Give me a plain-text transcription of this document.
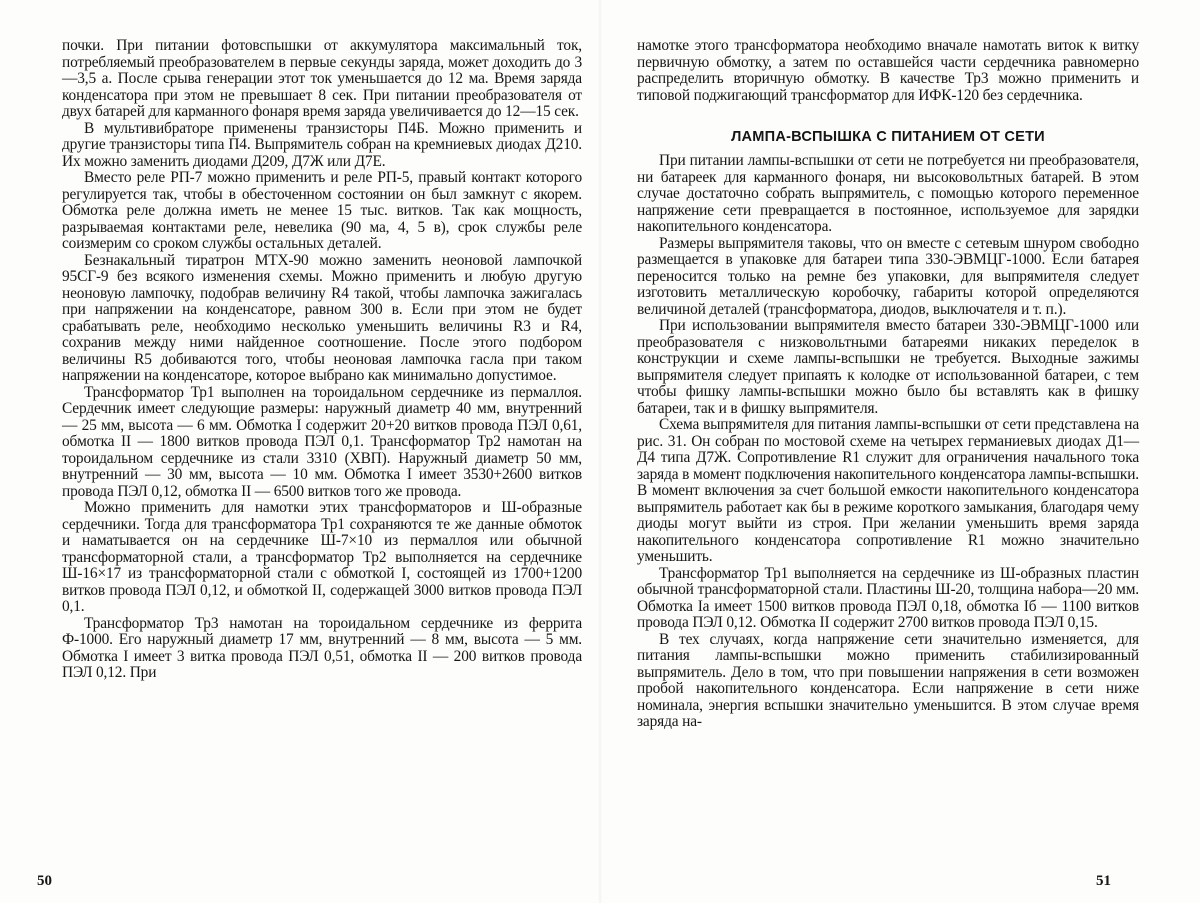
почки. При питании фотовспышки от аккумулятора максимальный ток, потребляемый преобразователем в первые секунды заряда, может доходить до 3—3,5 а. После срыва генерации этот ток уменьшается до 12 ма. Время заряда конденсатора при этом не превышает 8 сек. При питании преобразователя от двух батарей для карманного фонаря время заряда увеличивается до 12—15 сек.

В мультивибраторе применены транзисторы П4Б. Можно применить и другие транзисторы типа П4. Выпрямитель собран на кремниевых диодах Д210. Их можно заменить диодами Д209, Д7Ж или Д7Е.

Вместо реле РП-7 можно применить и реле РП-5, правый контакт которого регулируется так, чтобы в обесточенном состоянии он был замкнут с якорем. Обмотка реле должна иметь не менее 15 тыс. витков. Так как мощность, разрываемая контактами реле, невелика (90 ма, 4, 5 в), срок службы реле соизмерим со сроком службы остальных деталей.

Безнакальный тиратрон МТХ-90 можно заменить неоновой лампочкой 95СГ-9 без всякого изменения схемы. Можно применить и любую другую неоновую лампочку, подобрав величину R4 такой, чтобы лампочка зажигалась при напряжении на конденсаторе, равном 300 в. Если при этом не будет срабатывать реле, необходимо несколько уменьшить величины R3 и R4, сохранив между ними найденное соотношение. После этого подбором величины R5 добиваются того, чтобы неоновая лампочка гасла при таком напряжении на конденсаторе, которое выбрано как минимально допустимое.

Трансформатор Тр1 выполнен на тороидальном сердечнике из пермаллоя. Сердечник имеет следующие размеры: наружный диаметр 40 мм, внутренний — 25 мм, высота — 6 мм. Обмотка I содержит 20+20 витков провода ПЭЛ 0,61, обмотка II — 1800 витков провода ПЭЛ 0,1. Трансформатор Тр2 намотан на тороидальном сердечнике из стали 3310 (ХВП). Наружный диаметр 50 мм, внутренний — 30 мм, высота — 10 мм. Обмотка I имеет 3530+2600 витков провода ПЭЛ 0,12, обмотка II — 6500 витков того же провода.

Можно применить для намотки этих трансформаторов и Ш-образные сердечники. Тогда для трансформатора Тр1 сохраняются те же данные обмоток и наматывается он на сердечнике Ш-7×10 из пермаллоя или обычной трансформаторной стали, а трансформатор Тр2 выполняется на сердечнике Ш-16×17 из трансформаторной стали с обмоткой I, состоящей из 1700+1200 витков провода ПЭЛ 0,12, и обмоткой II, содержащей 3000 витков провода ПЭЛ 0,1.

Трансформатор Тр3 намотан на тороидальном сердечнике из феррита Ф-1000. Его наружный диаметр 17 мм, внутренний — 8 мм, высота — 5 мм. Обмотка I имеет 3 витка провода ПЭЛ 0,51, обмотка II — 200 витков провода ПЭЛ 0,12. При

50

намотке этого трансформатора необходимо вначале намотать виток к витку первичную обмотку, а затем по оставшейся части сердечника равномерно распределить вторичную обмотку. В качестве Тр3 можно применить и типовой поджигающий трансформатор для ИФК-120 без сердечника.

ЛАМПА-ВСПЫШКА С ПИТАНИЕМ ОТ СЕТИ

При питании лампы-вспышки от сети не потребуется ни преобразователя, ни батареек для карманного фонаря, ни высоковольтных батарей. В этом случае достаточно собрать выпрямитель, с помощью которого переменное напряжение сети превращается в постоянное, используемое для зарядки накопительного конденсатора.

Размеры выпрямителя таковы, что он вместе с сетевым шнуром свободно размещается в упаковке для батареи типа 330-ЭВМЦГ-1000. Если батарея переносится только на ремне без упаковки, для выпрямителя следует изготовить металлическую коробочку, габариты которой определяются величиной деталей (трансформатора, диодов, выключателя и т. п.).

При использовании выпрямителя вместо батареи 330-ЭВМЦГ-1000 или преобразователя с низковольтными батареями никаких переделок в конструкции и схеме лампы-вспышки не требуется. Выходные зажимы выпрямителя следует припаять к колодке от использованной батареи, с тем чтобы фишку лампы-вспышки можно было бы вставлять как в фишку батареи, так и в фишку выпрямителя.

Схема выпрямителя для питания лампы-вспышки от сети представлена на рис. 31. Он собран по мостовой схеме на четырех германиевых диодах Д1—Д4 типа Д7Ж. Сопротивление R1 служит для ограничения начального тока заряда в момент подключения накопительного конденсатора лампы-вспышки. В момент включения за счет большой емкости накопительного конденсатора выпрямитель работает как бы в режиме короткого замыкания, благодаря чему диоды могут выйти из строя. При желании уменьшить время заряда накопительного конденсатора сопротивление R1 можно значительно уменьшить.

Трансформатор Тр1 выполняется на сердечнике из Ш-образных пластин обычной трансформаторной стали. Пластины Ш-20, толщина набора—20 мм. Обмотка Iа имеет 1500 витков провода ПЭЛ 0,18, обмотка Iб — 1100 витков провода ПЭЛ 0,12. Обмотка II содержит 2700 витков провода ПЭЛ 0,15.

В тех случаях, когда напряжение сети значительно изменяется, для питания лампы-вспышки можно применить стабилизированный выпрямитель. Дело в том, что при повышении напряжения в сети возможен пробой накопительного конденсатора. Если напряжение в сети ниже номинала, энергия вспышки значительно уменьшится. В этом случае время заряда на-

51
